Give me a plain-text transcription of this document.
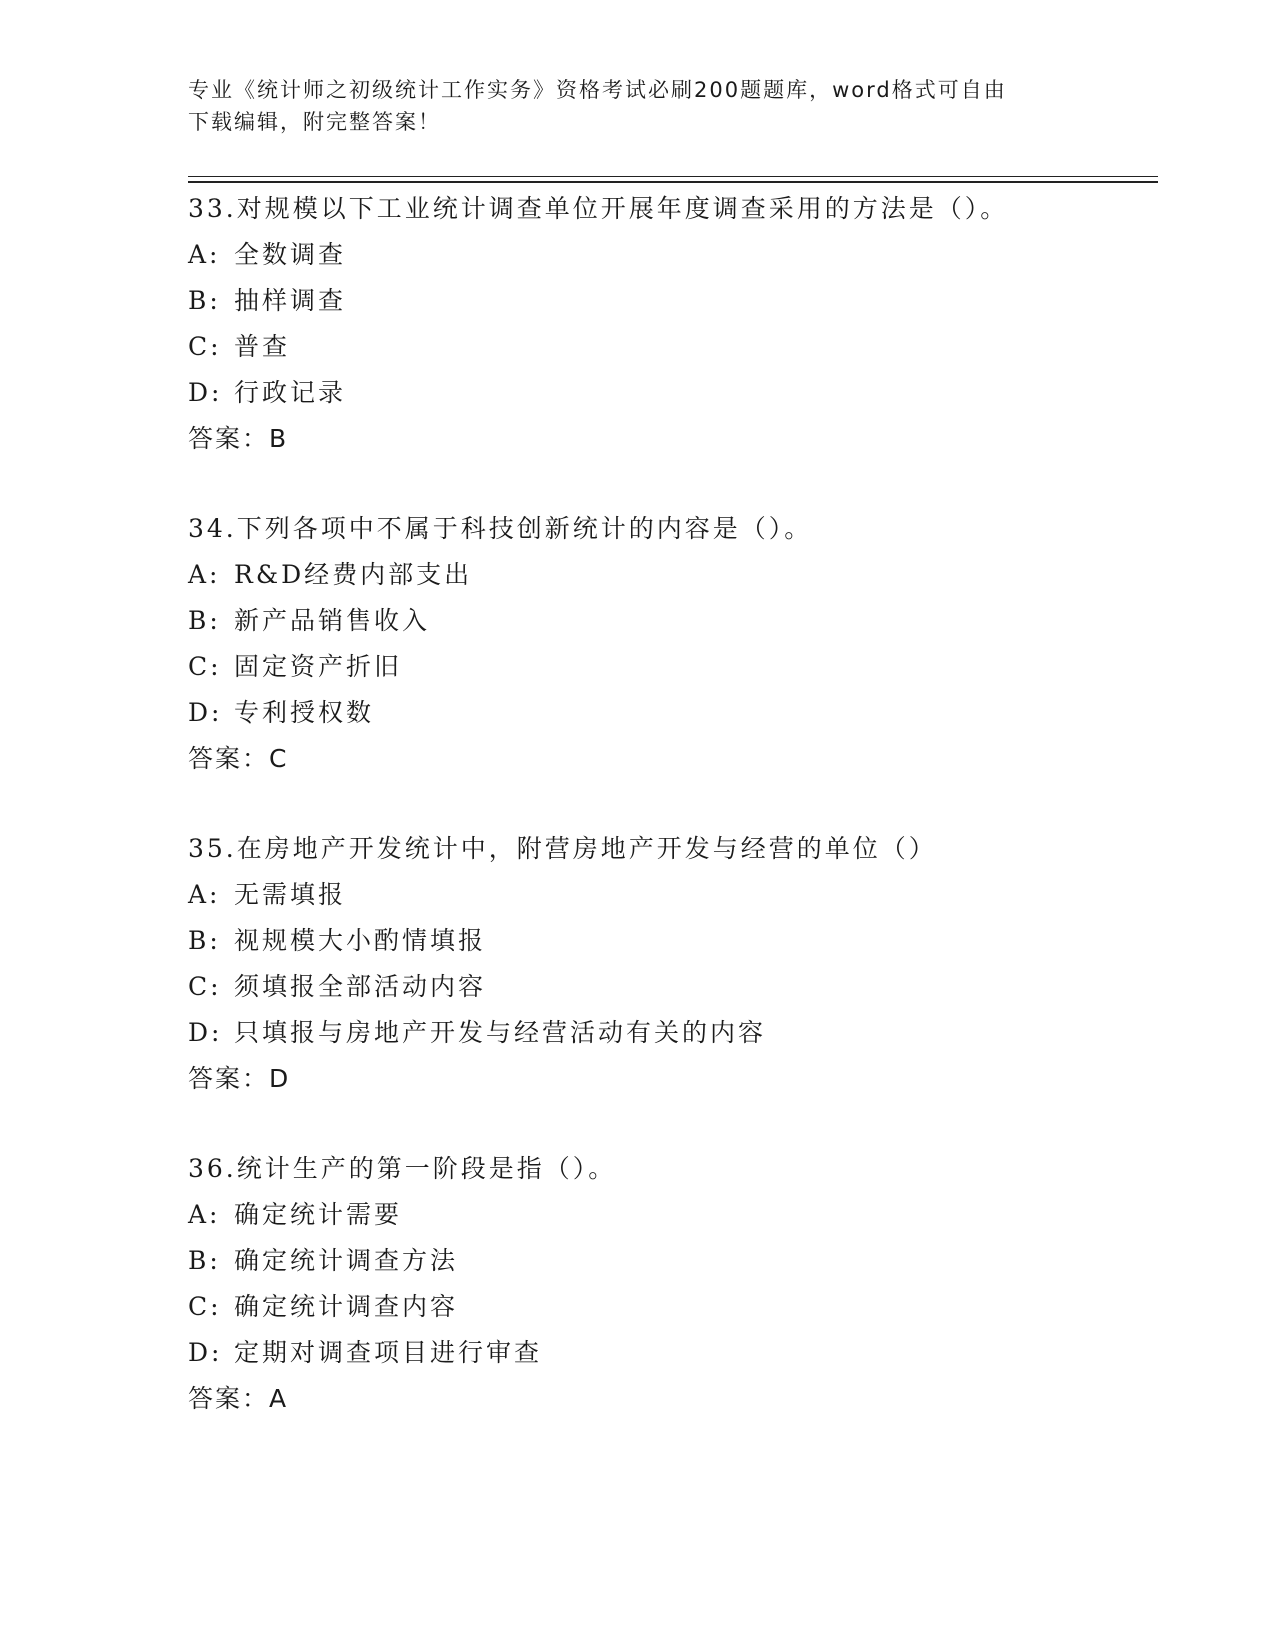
专业《统计师之初级统计工作实务》资格考试必刷200题题库，word格式可自由
下载编辑，附完整答案！
33.对规模以下工业统计调查单位开展年度调查采用的方法是（）。
A: 全数调查
B: 抽样调查
C: 普查
D: 行政记录
答案：B
34.下列各项中不属于科技创新统计的内容是（）。
A: R&D经费内部支出
B: 新产品销售收入
C: 固定资产折旧
D: 专利授权数
答案：C
35.在房地产开发统计中，附营房地产开发与经营的单位（）
A: 无需填报
B: 视规模大小酌情填报
C: 须填报全部活动内容
D: 只填报与房地产开发与经营活动有关的内容
答案：D
36.统计生产的第一阶段是指（）。
A: 确定统计需要
B: 确定统计调查方法
C: 确定统计调查内容
D: 定期对调查项目进行审查
答案：A
